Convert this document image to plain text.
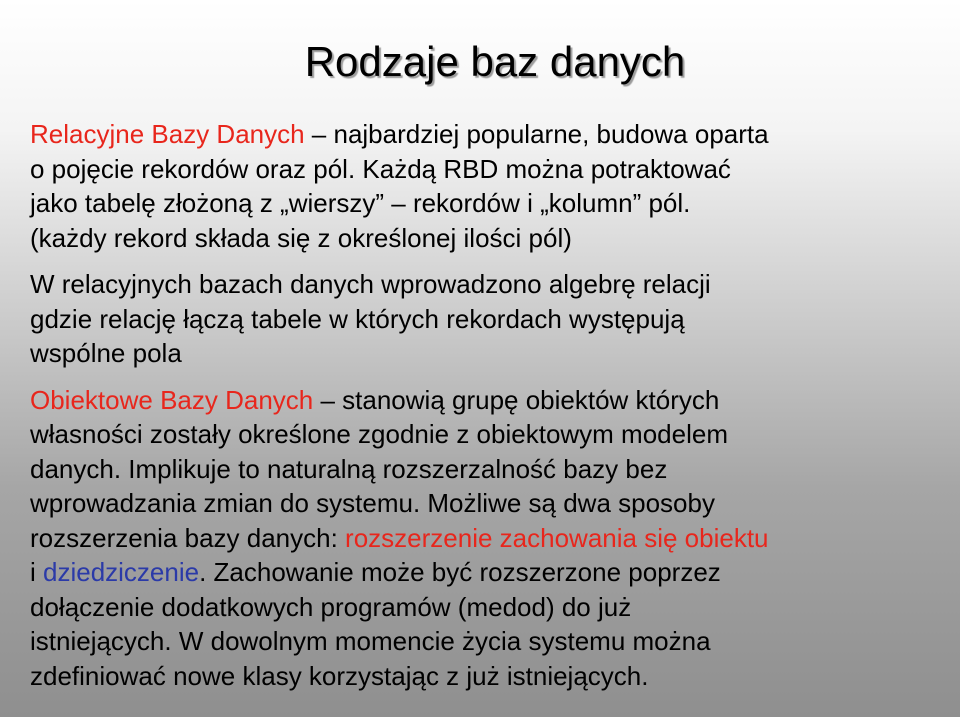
Rodzaje baz danych
Relacyjne Bazy Danych – najbardziej popularne, budowa oparta
o pojęcie rekordów oraz pól. Każdą RBD można potraktować
jako tabelę złożoną z „wierszy” – rekordów i „kolumn” pól.
(każdy rekord składa się z określonej ilości pól)
W relacyjnych bazach danych wprowadzono algebrę relacji
gdzie relację łączą tabele w których rekordach występują
wspólne pola
Obiektowe Bazy Danych – stanowią grupę obiektów których
własności zostały określone zgodnie z obiektowym modelem
danych. Implikuje to naturalną rozszerzalność bazy bez
wprowadzania zmian do systemu. Możliwe są dwa sposoby
rozszerzenia bazy danych: rozszerzenie zachowania się obiektu
i dziedziczenie. Zachowanie może być rozszerzone poprzez
dołączenie dodatkowych programów (medod) do już
istniejących. W dowolnym momencie życia systemu można
zdefiniować nowe klasy korzystając z już istniejących.
